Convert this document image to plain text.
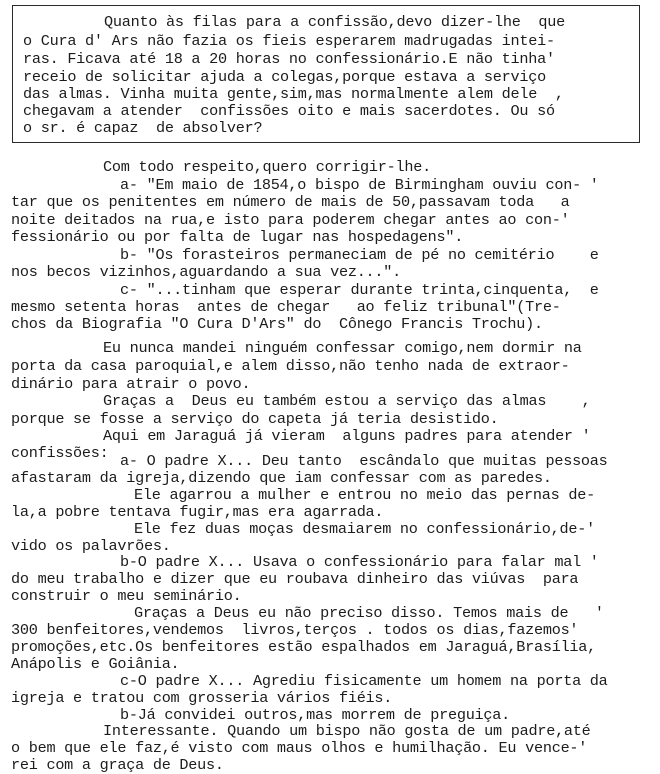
Quanto às filas para a confissão,devo dizer-lhe  que
o Cura d' Ars não fazia os fieis esperarem madrugadas intei-
ras. Ficava até 18 a 20 horas no confessionário.E não tinha'
receio de solicitar ajuda a colegas,porque estava a serviço
das almas. Vinha muita gente,sim,mas normalmente alem dele  ,
chegavam a atender  confissões oito e mais sacerdotes. Ou só
o sr. é capaz  de absolver?
Com todo respeito,quero corrigir-lhe.
a- "Em maio de 1854,o bispo de Birmingham ouviu con- '
tar que os penitentes em número de mais de 50,passavam toda   a
noite deitados na rua,e isto para poderem chegar antes ao con-'
fessionário ou por falta de lugar nas hospedagens".
b- "Os forasteiros permaneciam de pé no cemitério    e
nos becos vizinhos,aguardando a sua vez...".
c- "...tinham que esperar durante trinta,cinquenta,  e
mesmo setenta horas  antes de chegar   ao feliz tribunal"(Tre-
chos da Biografia "O Cura D'Ars" do  Cônego Francis Trochu).
Eu nunca mandei ninguém confessar comigo,nem dormir na
porta da casa paroquial,e alem disso,não tenho nada de extraor-
dinário para atrair o povo.
Graças a  Deus eu também estou a serviço das almas    ,
porque se fosse a serviço do capeta já teria desistido.
Aqui em Jaraguá já vieram  alguns padres para atender '
confissões: a- O padre X... Deu tanto  escândalo que muitas pessoas
afastaram da igreja,dizendo que iam confessar com as paredes.
Ele agarrou a mulher e entrou no meio das pernas de-
la,a pobre tentava fugir,mas era agarrada.
Ele fez duas moças desmaiarem no confessionário,de-'
vido os palavrões.
b-O padre X... Usava o confessionário para falar mal '
do meu trabalho e dizer que eu roubava dinheiro das viúvas  para
construir o meu seminário.
Graças a Deus eu não preciso disso. Temos mais de   '
300 benfeitores,vendemos  livros,terços . todos os dias,fazemos'
promoções,etc.Os benfeitores estão espalhados em Jaraguá,Brasília,
Anápolis e Goiânia.
c-O padre X... Agrediu fisicamente um homem na porta da
igreja e tratou com grosseria vários fiéis.
b-Já convidei outros,mas morrem de preguiça.
Interessante. Quando um bispo não gosta de um padre,até
o bem que ele faz,é visto com maus olhos e humilhação. Eu vence-'
rei com a graça de Deus.
